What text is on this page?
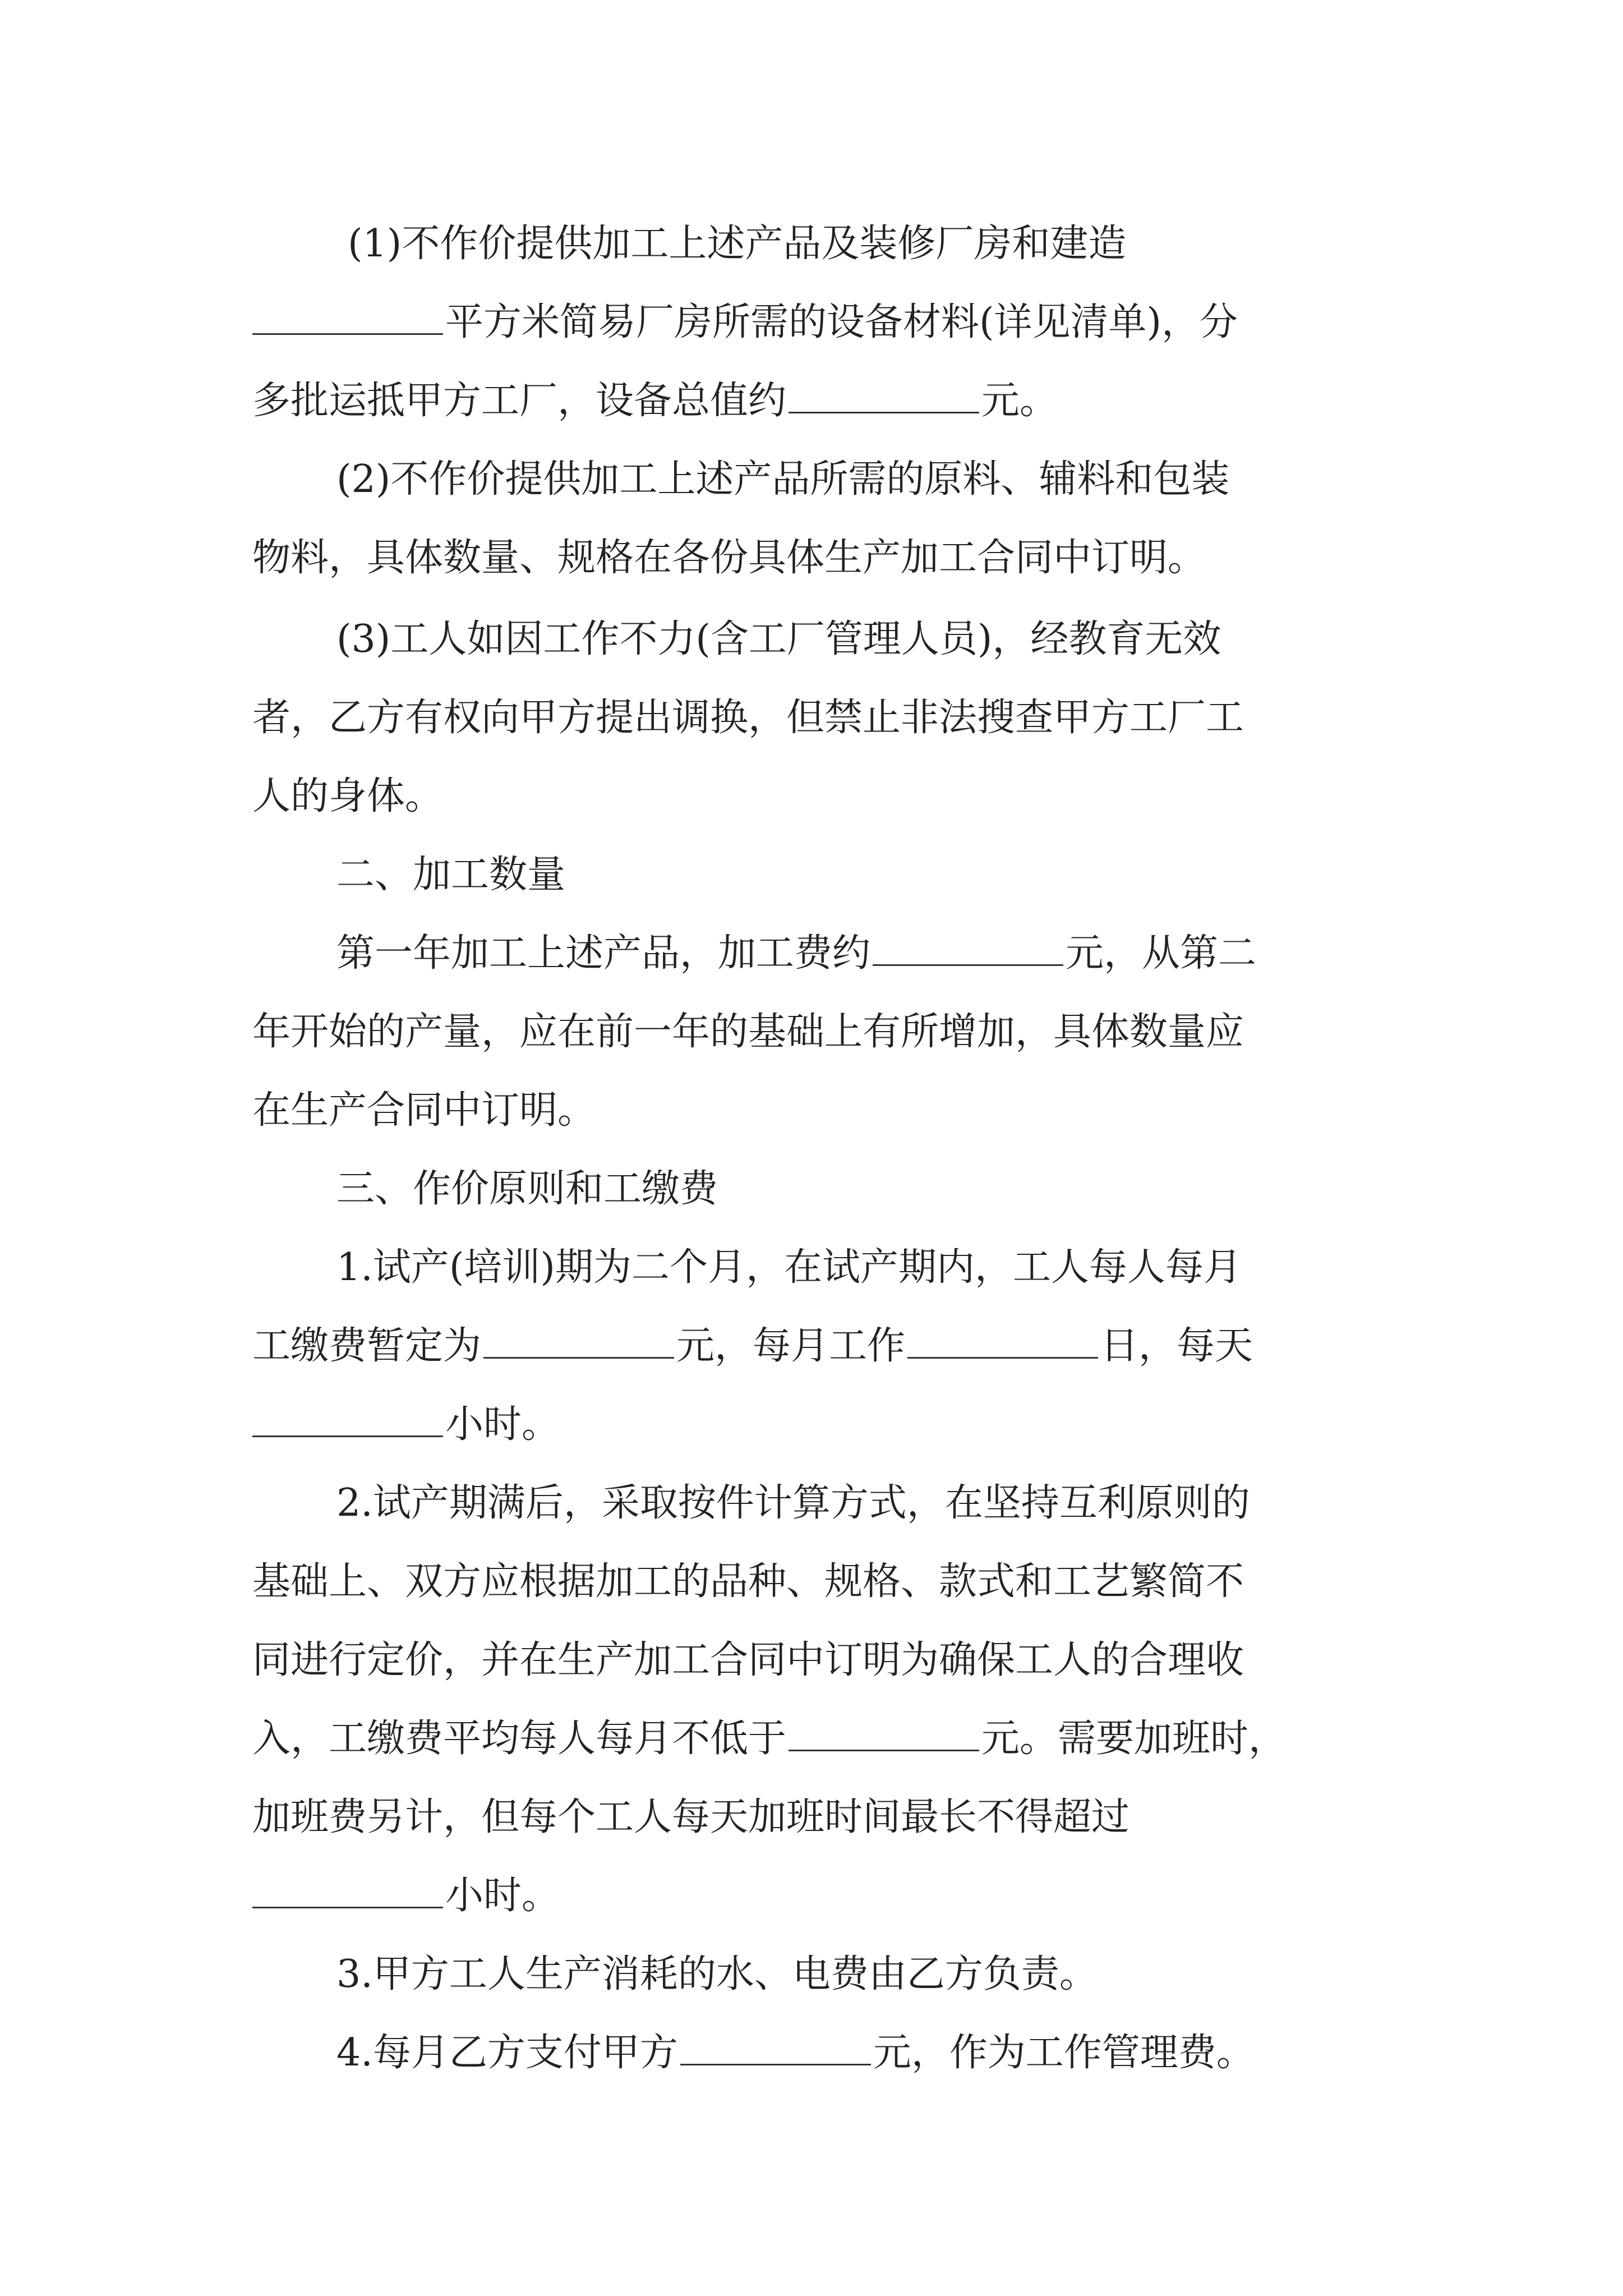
(1)不作价提供加工上述产品及装修厂房和建造
平方米简易厂房所需的设备材料(详见清单)，分
多批运抵甲方工厂，设备总值约	元。
(2)不作价提供加工上述产品所需的原料、辅料和包装
物料，具体数量、规格在各份具体生产加工合同中订明。
(3)工人如因工作不力(含工厂管理人员)，经教育无效
者，乙方有权向甲方提出调换，但禁止非法搜查甲方工厂工
人的身体。
二、加工数量
第一年加工上述产品，加工费约	元，从第二
年开始的产量，应在前一年的基础上有所增加，具体数量应
在生产合同中订明。
三、作价原则和工缴费
1.试产(培训)期为二个月，在试产期内，工人每人每月
工缴费暂定为	元，每月工作	日，每天
小时。
2.试产期满后，采取按件计算方式，在坚持互利原则的
基础上、双方应根据加工的品种、规格、款式和工艺繁简不
同进行定价，并在生产加工合同中订明为确保工人的合理收
入，工缴费平均每人每月不低于	元。需要加班时，
加班费另计，但每个工人每天加班时间最长不得超过
小时。
3.甲方工人生产消耗的水、电费由乙方负责。
4.每月乙方支付甲方	元，作为工作管理费。
